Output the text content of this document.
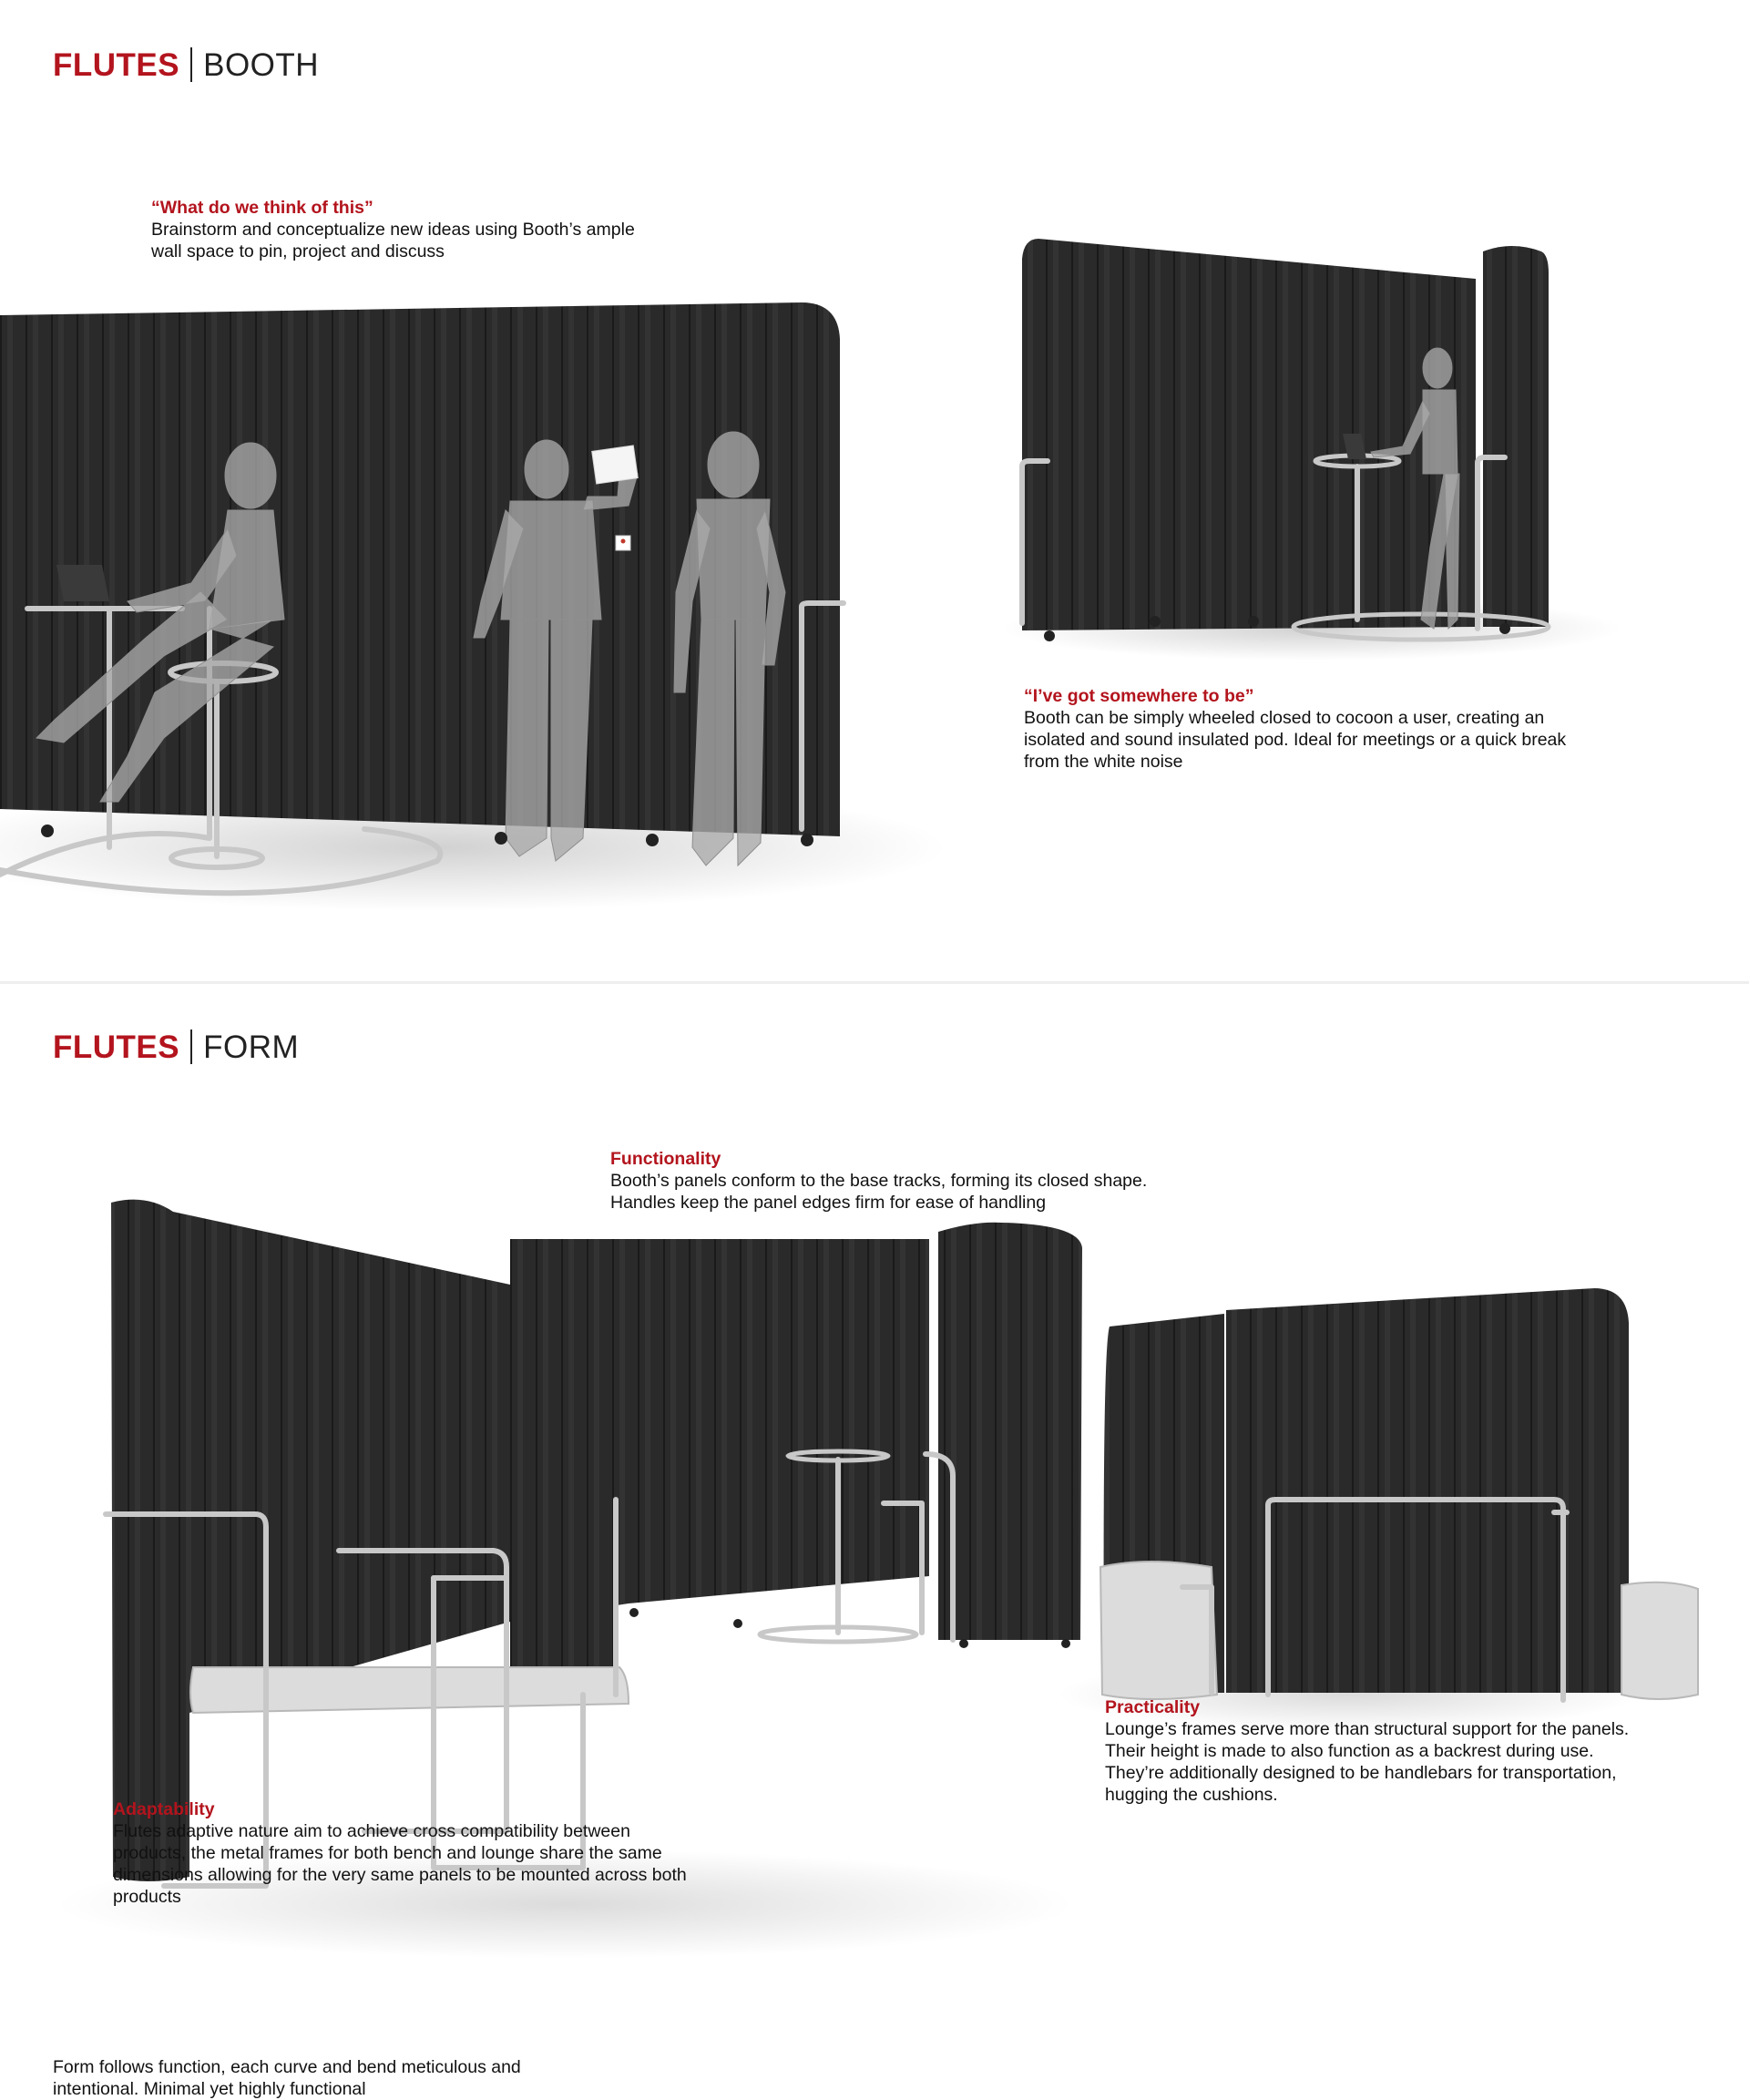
FLUTES BOOTH
“What do we think of this”
Brainstorm and conceptualize new ideas using Booth’s ample wall space to pin, project and discuss
“I’ve got somewhere to be”
Booth can be simply wheeled closed to cocoon a user, creating an isolated and sound insulated pod. Ideal for meetings or a quick break from the white noise
FLUTES FORM
Form follows function, each curve and bend meticulous and intentional. Minimal yet highly functional
Functionality
Booth’s panels conform to the base tracks, forming its closed shape. Handles keep the panel edges firm for ease of handling
Adaptability
Flutes adaptive nature aim to achieve cross compatibility between products, the metal frames for both bench and lounge share the same dimensions allowing for the very same panels to be mounted across both products
Practicality
Lounge’s frames serve more than structural support for the panels. Their height is made to also function as a backrest during use. They’re additionally designed to be handlebars for transportation, hugging the cushions.
